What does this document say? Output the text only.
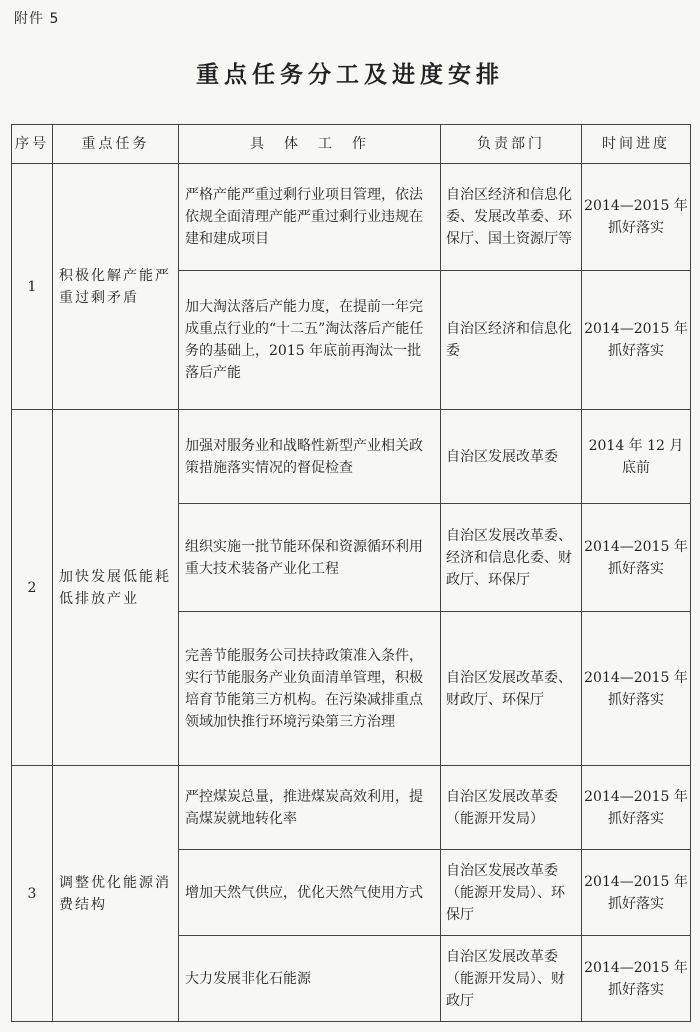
附件 5
重点任务分工及进度安排
序号	重点任务	具　体　工　作	负责部门	时间进度
1	积极化解产能严重过剩矛盾	严格产能严重过剩行业项目管理，依法依规全面清理产能严重过剩行业违规在建和建成项目	自治区经济和信息化委、发展改革委、环保厅、国土资源厅等	2014—2015 年抓好落实
		加大淘汰落后产能力度，在提前一年完成重点行业的“十二五”淘汰落后产能任务的基础上，2015 年底前再淘汰一批落后产能	自治区经济和信息化委	2014—2015 年抓好落实
2	加快发展低能耗低排放产业	加强对服务业和战略性新型产业相关政策措施落实情况的督促检查	自治区发展改革委	2014 年 12 月底前
		组织实施一批节能环保和资源循环利用重大技术装备产业化工程	自治区发展改革委、经济和信息化委、财政厅、环保厅	2014—2015 年抓好落实
		完善节能服务公司扶持政策准入条件，实行节能服务产业负面清单管理，积极培育节能第三方机构。在污染减排重点领域加快推行环境污染第三方治理	自治区发展改革委、财政厅、环保厅	2014—2015 年抓好落实
3	调整优化能源消费结构	严控煤炭总量，推进煤炭高效利用，提高煤炭就地转化率	自治区发展改革委（能源开发局）	2014—2015 年抓好落实
		增加天然气供应，优化天然气使用方式	自治区发展改革委（能源开发局）、环保厅	2014—2015 年抓好落实
		大力发展非化石能源	自治区发展改革委（能源开发局）、财政厅	2014—2015 年抓好落实
